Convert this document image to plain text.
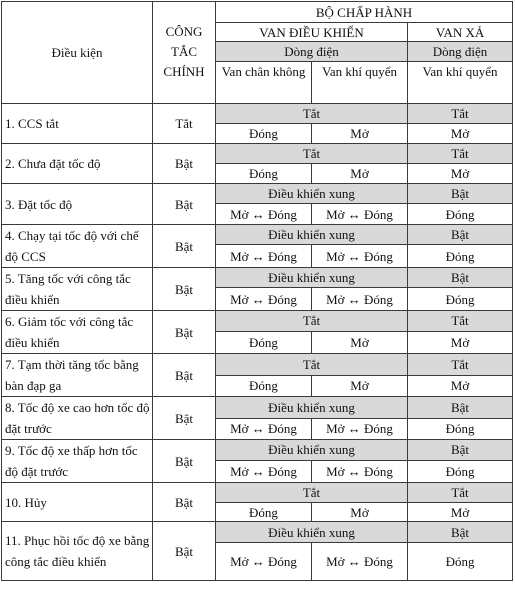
Điều kiện	CÔNG TẮC CHÍNH	BỘ CHẤP HÀNH		
		VAN ĐIỀU KHIỂN		VAN XẢ
		Dòng điện		Dòng điện
		Van chân không	Van khí quyển	Van khí quyển
1. CCS tắt	Tắt	Tắt		Tắt
		Đóng	Mở	Mở
2. Chưa đặt tốc độ	Bật	Tắt		Tắt
		Đóng	Mở	Mở
3. Đặt tốc độ	Bật	Điều khiển xung		Bật
		Mở ↔ Đóng	Mở ↔ Đóng	Đóng
4. Chạy tại tốc độ với chế độ CCS	Bật	Điều khiển xung		Bật
		Mở ↔ Đóng	Mở ↔ Đóng	Đóng
5. Tăng tốc với công tắc điều khiển	Bật	Điều khiển xung		Bật
		Mở ↔ Đóng	Mở ↔ Đóng	Đóng
6. Giảm tốc với công tắc điều khiển	Bật	Tắt		Tắt
		Đóng	Mở	Mở
7. Tạm thời tăng tốc bằng bàn đạp ga	Bật	Tắt		Tắt
		Đóng	Mở	Mở
8. Tốc độ xe cao hơn tốc độ đặt trước	Bật	Điều khiển xung		Bật
		Mở ↔ Đóng	Mở ↔ Đóng	Đóng
9. Tốc độ xe thấp hơn tốc độ đặt trước	Bật	Điều khiển xung		Bật
		Mở ↔ Đóng	Mở ↔ Đóng	Đóng
10. Hủy	Bật	Tắt		Tắt
		Đóng	Mở	Mở
11. Phục hồi tốc độ xe bằng công tắc điều khiển	Bật	Điều khiển xung		Bật
		Mở ↔ Đóng	Mở ↔ Đóng	Đóng
